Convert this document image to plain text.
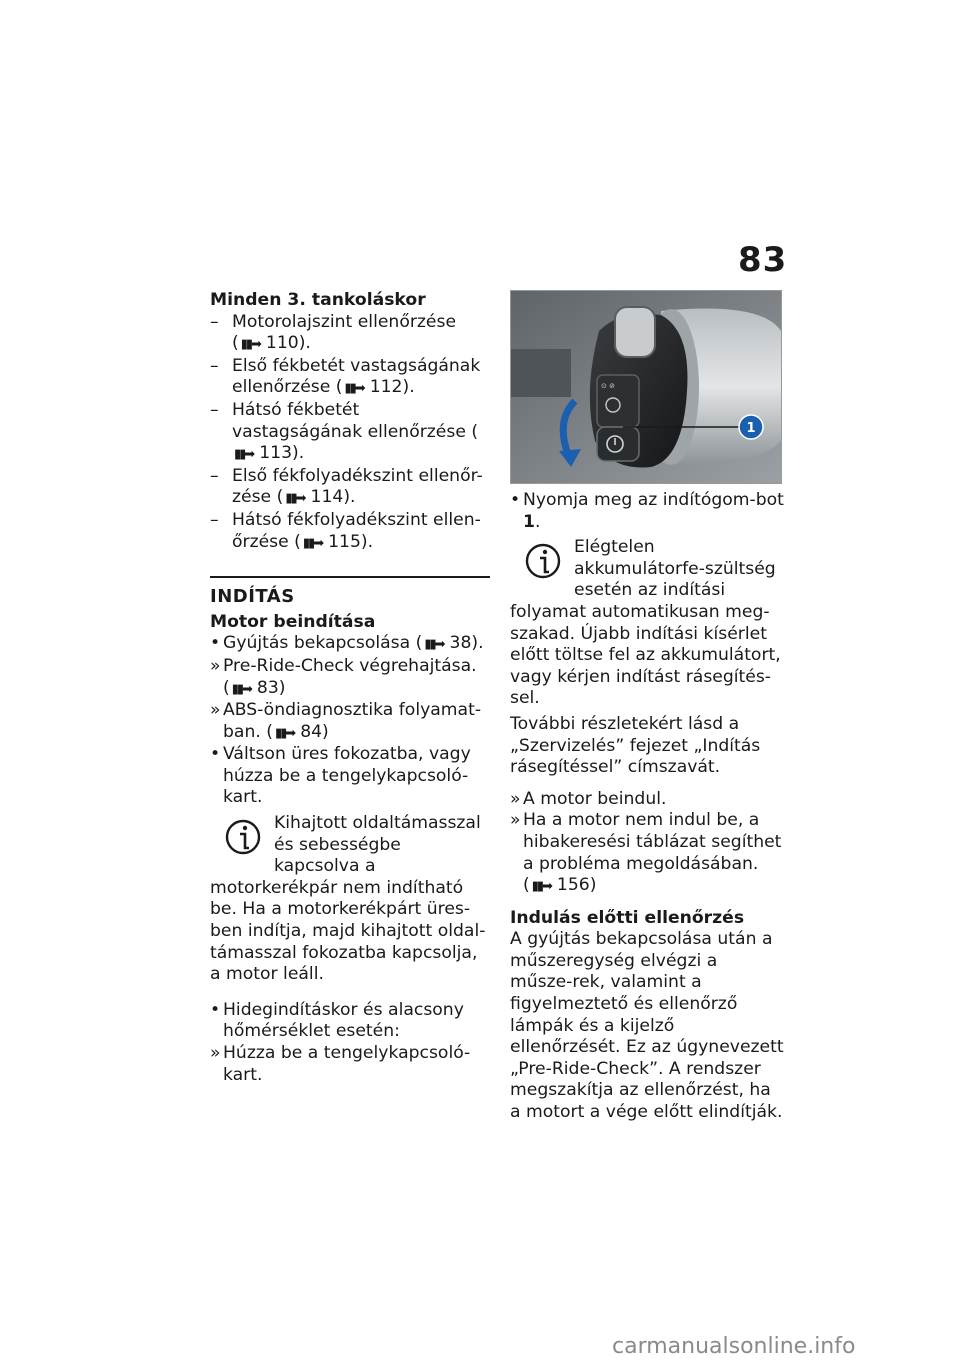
83

Minden 3. tankoláskor

– Motorolajszint ellenőrzése
( ▮▮➡ 110).

– Első fékbetét vastagságának ellenőrzése ( ▮▮➡ 112).

– Hátsó fékbetét vastagságának ellenőrzése (▮▮➡ 113).

– Első fékfolyadékszint ellenőr-zése ( ▮▮➡ 114).

– Hátsó fékfolyadékszint ellen-őrzése ( ▮▮➡ 115).

INDÍTÁS

Motor beindítása

• Gyújtás bekapcsolása ( ▮▮➡ 38).

» Pre-Ride-Check végrehajtása.
( ▮▮➡ 83)

» ABS-öndiagnosztika folyamat-ban. ( ▮▮➡ 84)

• Váltson üres fokozatba, vagy húzza be a tengelykapcsoló-kart.

Kihajtott oldaltámasszal és sebességbe kapcsolva a motorkerékpár nem indítható be. Ha a motorkerékpárt üres-ben indítja, majd kihajtott oldal-támasszal fokozatba kapcsolja, a motor leáll.

• Hidegindításkor és alacsony hőmérséklet esetén:

» Húzza be a tengelykapcsoló-kart.

⊙ ⊘
1

• Nyomja meg az indítógom-bot 1.

Elégtelen akkumulátorfe-szültség esetén az indítási folyamat automatikusan meg-szakad. Újabb indítási kísérlet előtt töltse fel az akkumulátort, vagy kérjen indítást rásegítés-sel.

További részletekért lásd a „Szervizelés” fejezet „Indítás rásegítéssel” címszavát.

» A motor beindul.

» Ha a motor nem indul be, a hibakeresési táblázat segíthet a probléma megoldásában.
( ▮▮➡ 156)

Indulás előtti ellenőrzés

A gyújtás bekapcsolása után a műszeregység elvégzi a műsze-rek, valamint a figyelmeztető és ellenőrző lámpák és a kijelző ellenőrzését. Ez az úgynevezett „Pre-Ride-Check”. A rendszer megszakítja az ellenőrzést, ha a motort a vége előtt elindítják.

carmanualsonline.info
